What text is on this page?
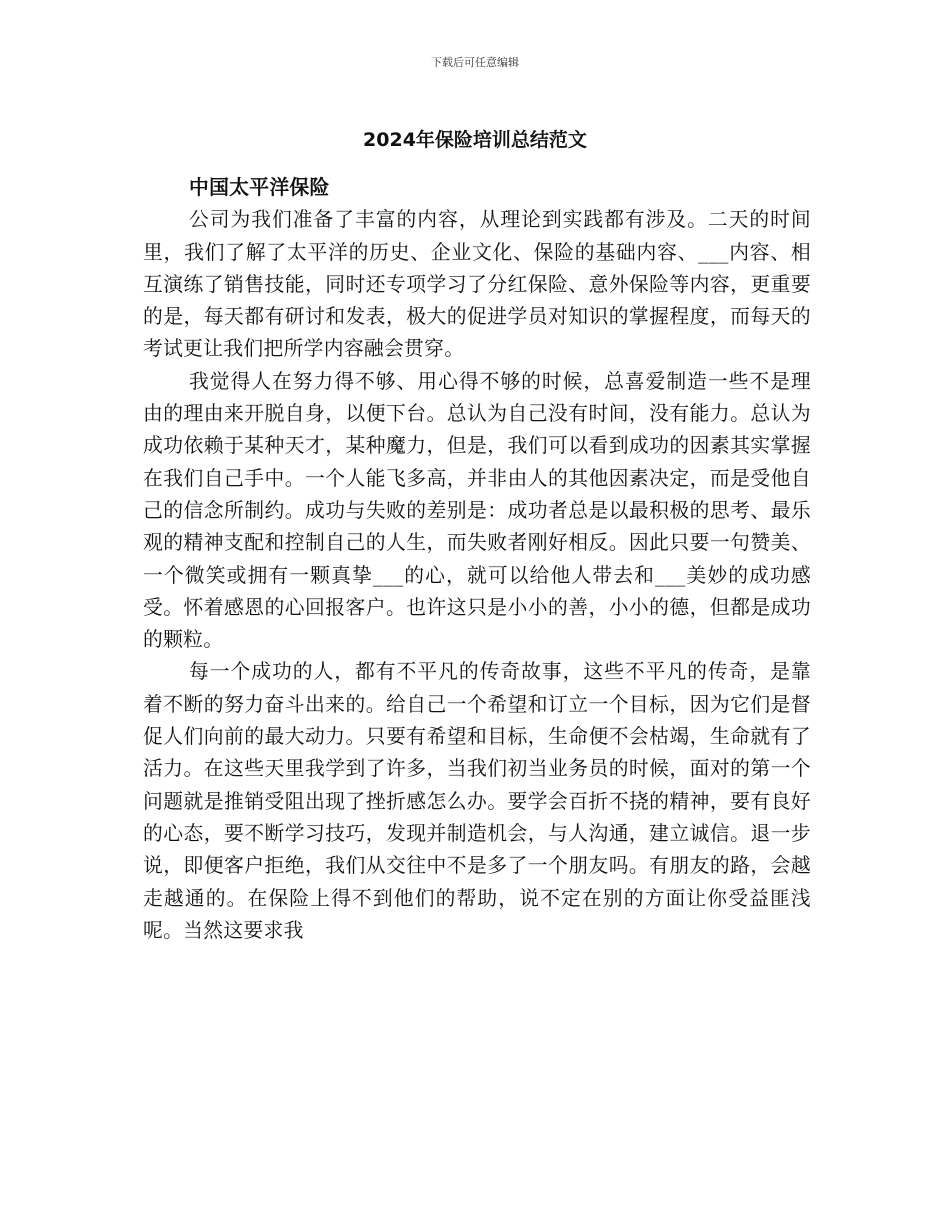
下载后可任意编辑
2024年保险培训总结范文

中国太平洋保险

公司为我们准备了丰富的内容，从理论到实践都有涉及。二天的时间里，我们了解了太平洋的历史、企业文化、保险的基础内容、___内容、相互演练了销售技能，同时还专项学习了分红保险、意外保险等内容，更重要的是，每天都有研讨和发表，极大的促进学员对知识的掌握程度，而每天的考试更让我们把所学内容融会贯穿。

我觉得人在努力得不够、用心得不够的时候，总喜爱制造一些不是理由的理由来开脱自身，以便下台。总认为自己没有时间，没有能力。总认为成功依赖于某种天才，某种魔力，但是，我们可以看到成功的因素其实掌握在我们自己手中。一个人能飞多高，并非由人的其他因素决定，而是受他自己的信念所制约。成功与失败的差别是：成功者总是以最积极的思考、最乐观的精神支配和控制自己的人生，而失败者刚好相反。因此只要一句赞美、一个微笑或拥有一颗真挚___的心，就可以给他人带去和___美妙的成功感受。怀着感恩的心回报客户。也许这只是小小的善，小小的德，但都是成功的颗粒。

每一个成功的人，都有不平凡的传奇故事，这些不平凡的传奇，是靠着不断的努力奋斗出来的。给自己一个希望和订立一个目标，因为它们是督促人们向前的最大动力。只要有希望和目标，生命便不会枯竭，生命就有了活力。在这些天里我学到了许多，当我们初当业务员的时候，面对的第一个问题就是推销受阻出现了挫折感怎么办。要学会百折不挠的精神，要有良好的心态，要不断学习技巧，发现并制造机会，与人沟通，建立诚信。退一步说，即便客户拒绝，我们从交往中不是多了一个朋友吗。有朋友的路，会越走越通的。在保险上得不到他们的帮助，说不定在别的方面让你受益匪浅呢。当然这要求我
